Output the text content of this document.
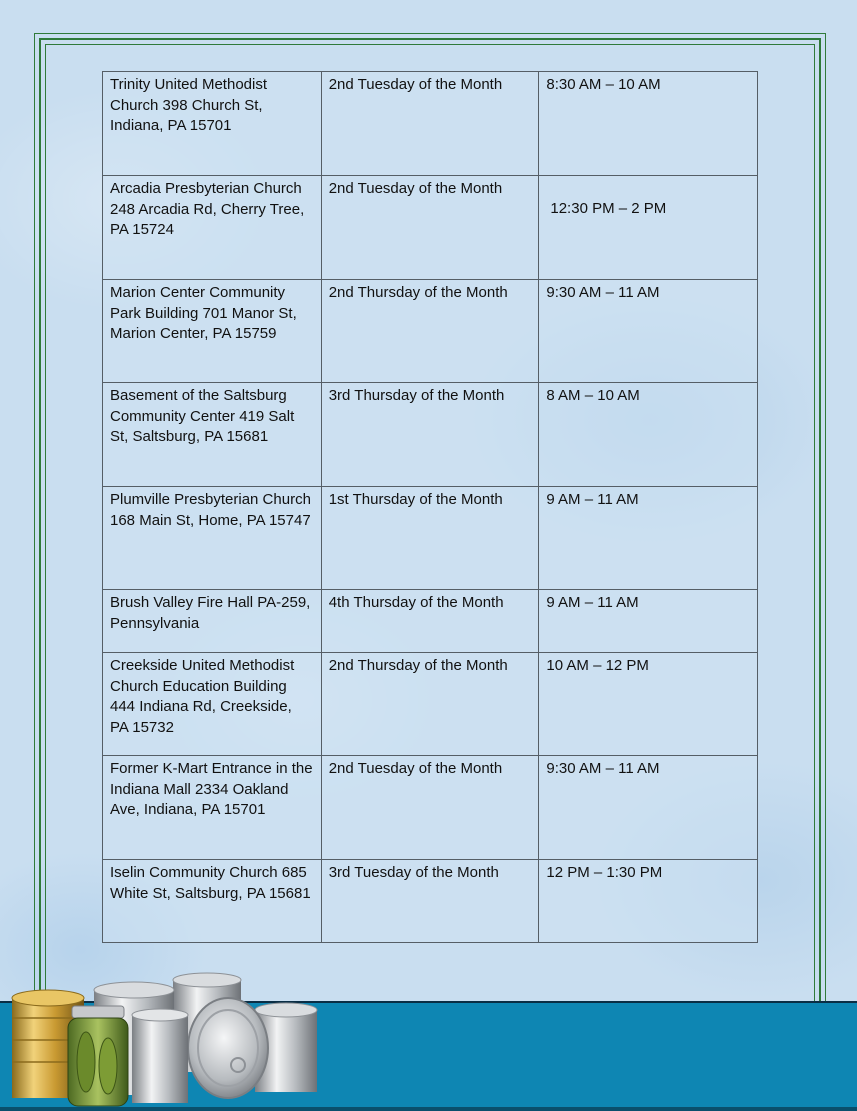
Trinity United Methodist Church 398 Church St, Indiana, PA 15701	2nd Tuesday of the Month	8:30 AM – 10 AM
Arcadia Presbyterian Church 248 Arcadia Rd, Cherry Tree, PA 15724	2nd Tuesday of the Month	12:30 PM – 2 PM
Marion Center Community Park Building 701 Manor St, Marion Center, PA 15759	2nd Thursday of the Month	9:30 AM – 11 AM
Basement of the Saltsburg Community Center 419 Salt St, Saltsburg, PA 15681	3rd Thursday of the Month	8 AM – 10 AM
Plumville Presbyterian Church 168 Main St, Home, PA 15747	1st Thursday of the Month	9 AM – 11 AM
Brush Valley Fire Hall PA-259, Pennsylvania	4th Thursday of the Month	9 AM – 11 AM
Creekside United Methodist Church Education Building 444 Indiana Rd, Creekside, PA 15732	2nd Thursday of the Month	10 AM – 12 PM
Former K-Mart Entrance in the Indiana Mall 2334 Oakland Ave, Indiana, PA 15701	2nd Tuesday of the Month	9:30 AM – 11 AM
Iselin Community Church 685 White St, Saltsburg, PA 15681	3rd Tuesday of the Month	12 PM – 1:30 PM
